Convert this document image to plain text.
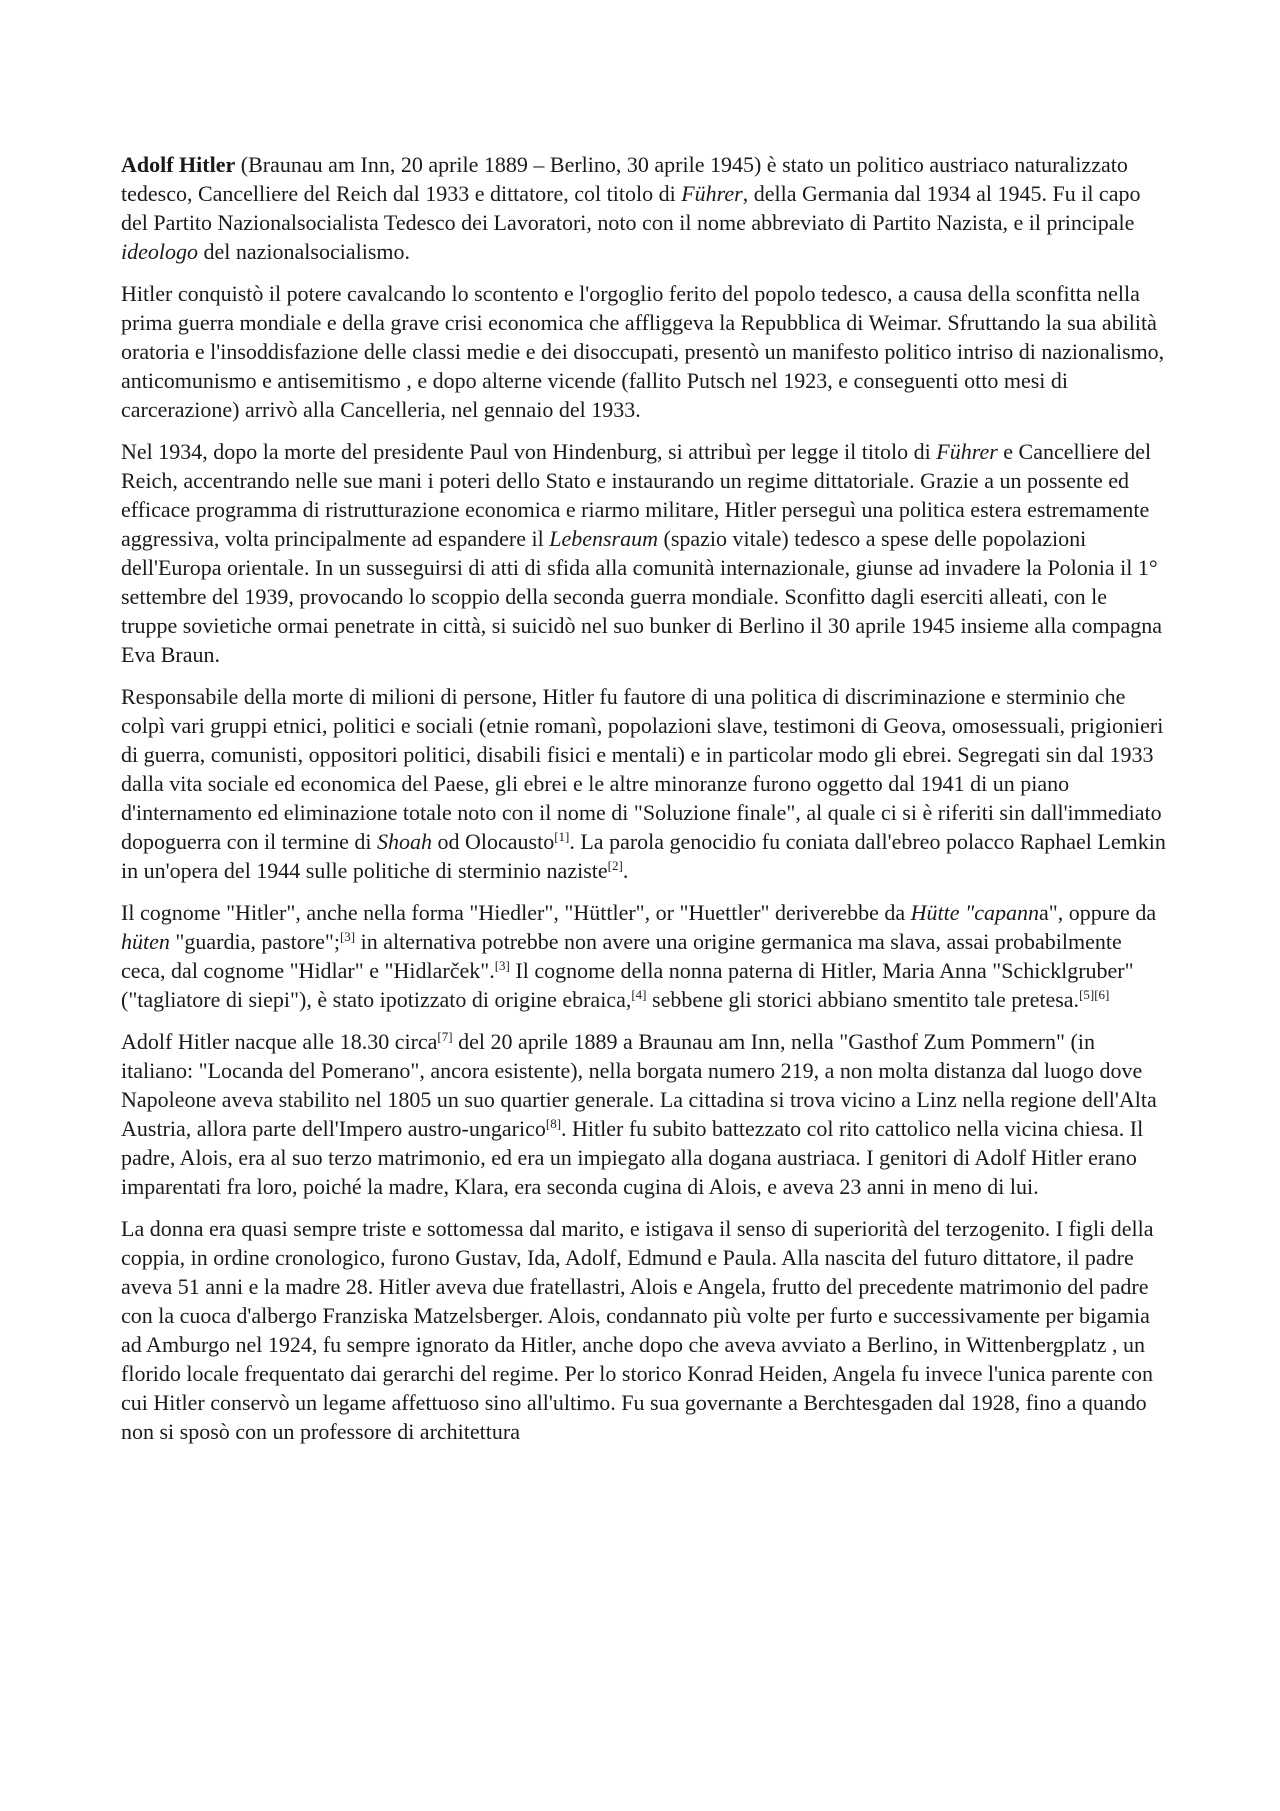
Adolf Hitler (Braunau am Inn, 20 aprile 1889 – Berlino, 30 aprile 1945) è stato un politico austriaco naturalizzato tedesco, Cancelliere del Reich dal 1933 e dittatore, col titolo di Führer, della Germania dal 1934 al 1945. Fu il capo del Partito Nazionalsocialista Tedesco dei Lavoratori, noto con il nome abbreviato di Partito Nazista, e il principale ideologo del nazionalsocialismo.

Hitler conquistò il potere cavalcando lo scontento e l'orgoglio ferito del popolo tedesco, a causa della sconfitta nella prima guerra mondiale e della grave crisi economica che affliggeva la Repubblica di Weimar. Sfruttando la sua abilità oratoria e l'insoddisfazione delle classi medie e dei disoccupati, presentò un manifesto politico intriso di nazionalismo, anticomunismo e antisemitismo , e dopo alterne vicende (fallito Putsch nel 1923, e conseguenti otto mesi di carcerazione) arrivò alla Cancelleria, nel gennaio del 1933.

Nel 1934, dopo la morte del presidente Paul von Hindenburg, si attribuì per legge il titolo di Führer e Cancelliere del Reich, accentrando nelle sue mani i poteri dello Stato e instaurando un regime dittatoriale. Grazie a un possente ed efficace programma di ristrutturazione economica e riarmo militare, Hitler perseguì una politica estera estremamente aggressiva, volta principalmente ad espandere il Lebensraum (spazio vitale) tedesco a spese delle popolazioni dell'Europa orientale. In un susseguirsi di atti di sfida alla comunità internazionale, giunse ad invadere la Polonia il 1° settembre del 1939, provocando lo scoppio della seconda guerra mondiale. Sconfitto dagli eserciti alleati, con le truppe sovietiche ormai penetrate in città, si suicidò nel suo bunker di Berlino il 30 aprile 1945 insieme alla compagna Eva Braun.

Responsabile della morte di milioni di persone, Hitler fu fautore di una politica di discriminazione e sterminio che colpì vari gruppi etnici, politici e sociali (etnie romanì, popolazioni slave, testimoni di Geova, omosessuali, prigionieri di guerra, comunisti, oppositori politici, disabili fisici e mentali) e in particolar modo gli ebrei. Segregati sin dal 1933 dalla vita sociale ed economica del Paese, gli ebrei e le altre minoranze furono oggetto dal 1941 di un piano d'internamento ed eliminazione totale noto con il nome di "Soluzione finale", al quale ci si è riferiti sin dall'immediato dopoguerra con il termine di Shoah od Olocausto[1]. La parola genocidio fu coniata dall'ebreo polacco Raphael Lemkin in un'opera del 1944 sulle politiche di sterminio naziste[2].

Il cognome "Hitler", anche nella forma "Hiedler", "Hüttler", or "Huettler" deriverebbe da Hütte "capanna", oppure da hüten "guardia, pastore";[3] in alternativa potrebbe non avere una origine germanica ma slava, assai probabilmente ceca, dal cognome "Hidlar" e "Hidlarček".[3] Il cognome della nonna paterna di Hitler, Maria Anna "Schicklgruber" ("tagliatore di siepi"), è stato ipotizzato di origine ebraica,[4] sebbene gli storici abbiano smentito tale pretesa.[5][6]

Adolf Hitler nacque alle 18.30 circa[7] del 20 aprile 1889 a Braunau am Inn, nella "Gasthof Zum Pommern" (in italiano: "Locanda del Pomerano", ancora esistente), nella borgata numero 219, a non molta distanza dal luogo dove Napoleone aveva stabilito nel 1805 un suo quartier generale. La cittadina si trova vicino a Linz nella regione dell'Alta Austria, allora parte dell'Impero austro-ungarico[8]. Hitler fu subito battezzato col rito cattolico nella vicina chiesa. Il padre, Alois, era al suo terzo matrimonio, ed era un impiegato alla dogana austriaca. I genitori di Adolf Hitler erano imparentati fra loro, poiché la madre, Klara, era seconda cugina di Alois, e aveva 23 anni in meno di lui.

La donna era quasi sempre triste e sottomessa dal marito, e istigava il senso di superiorità del terzogenito. I figli della coppia, in ordine cronologico, furono Gustav, Ida, Adolf, Edmund e Paula. Alla nascita del futuro dittatore, il padre aveva 51 anni e la madre 28. Hitler aveva due fratellastri, Alois e Angela, frutto del precedente matrimonio del padre con la cuoca d'albergo Franziska Matzelsberger. Alois, condannato più volte per furto e successivamente per bigamia ad Amburgo nel 1924, fu sempre ignorato da Hitler, anche dopo che aveva avviato a Berlino, in Wittenbergplatz , un florido locale frequentato dai gerarchi del regime. Per lo storico Konrad Heiden, Angela fu invece l'unica parente con cui Hitler conservò un legame affettuoso sino all'ultimo. Fu sua governante a Berchtesgaden dal 1928, fino a quando non si sposò con un professore di architettura
